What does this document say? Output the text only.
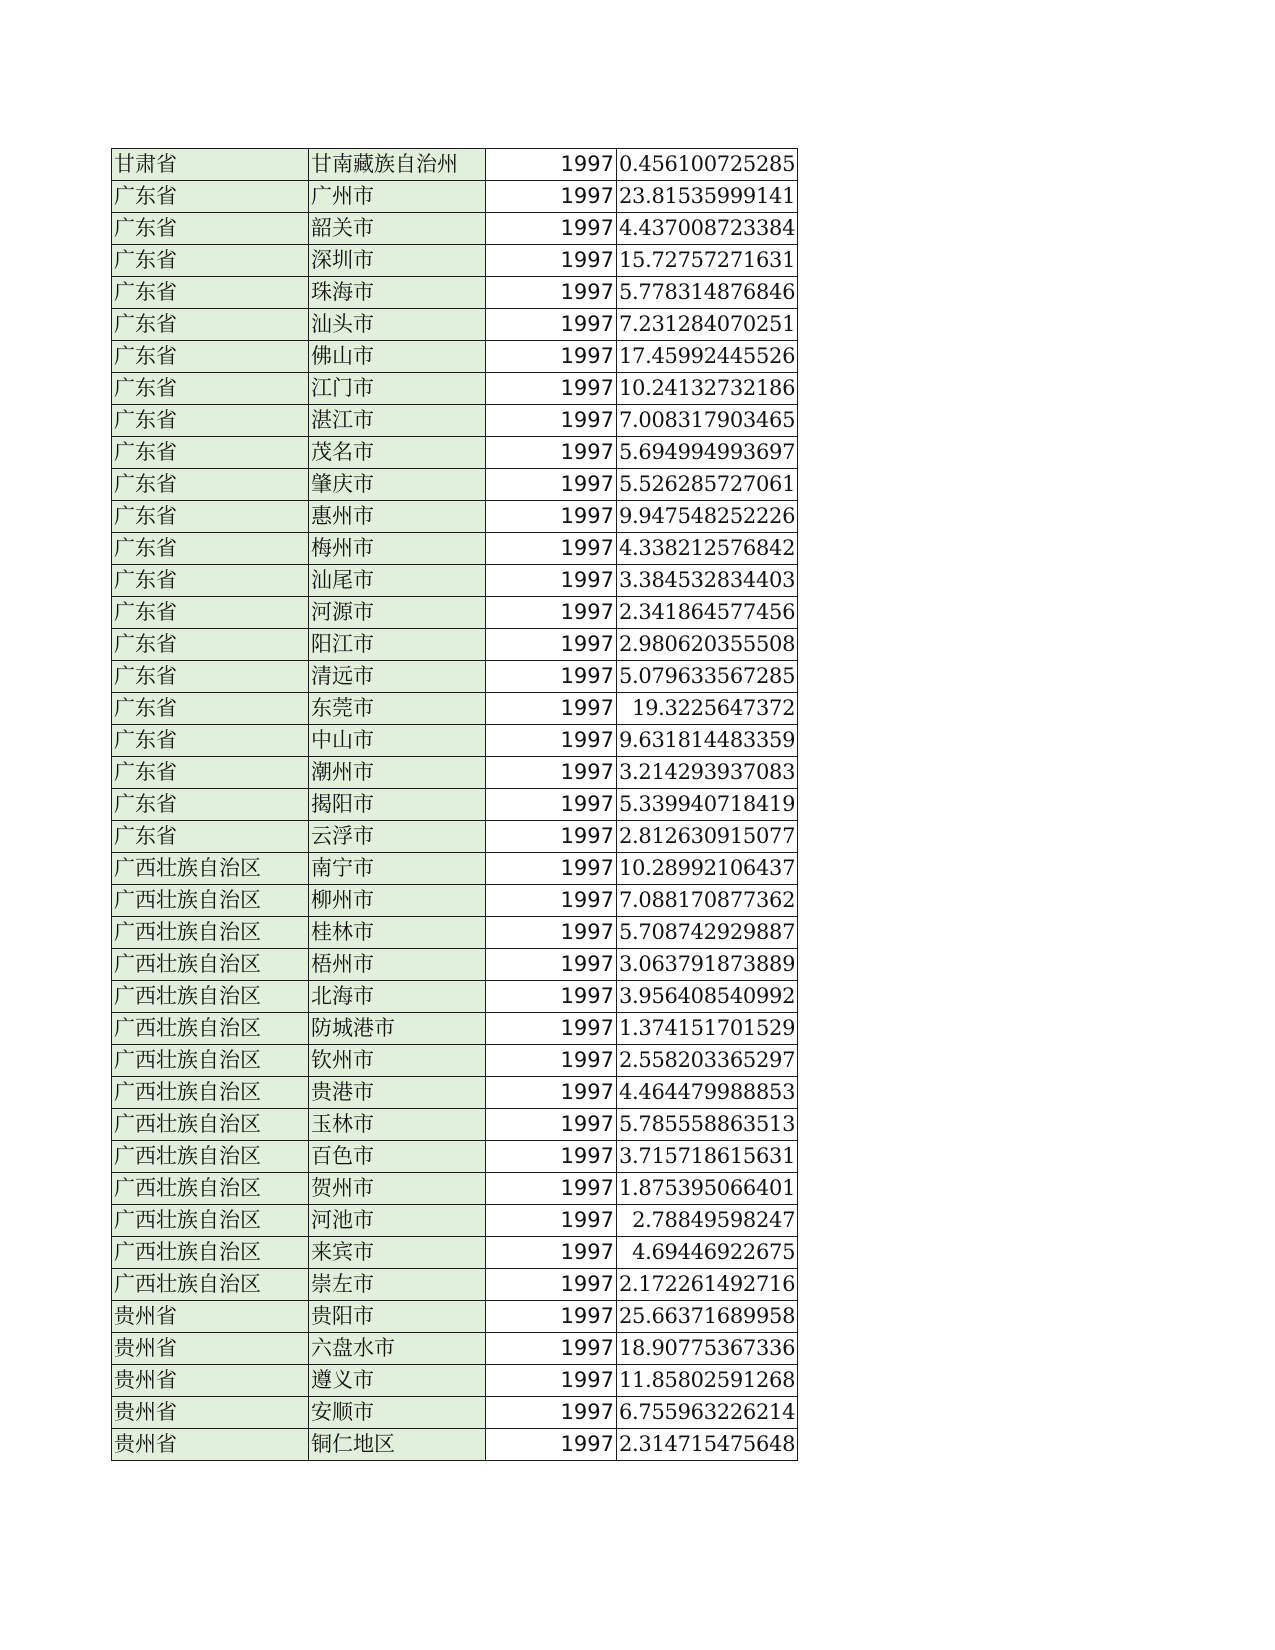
甘肃省	甘南藏族自治州	1997	0.456100725285
广东省	广州市	1997	23.81535999141
广东省	韶关市	1997	4.437008723384
广东省	深圳市	1997	15.72757271631
广东省	珠海市	1997	5.778314876846
广东省	汕头市	1997	7.231284070251
广东省	佛山市	1997	17.45992445526
广东省	江门市	1997	10.24132732186
广东省	湛江市	1997	7.008317903465
广东省	茂名市	1997	5.694994993697
广东省	肇庆市	1997	5.526285727061
广东省	惠州市	1997	9.947548252226
广东省	梅州市	1997	4.338212576842
广东省	汕尾市	1997	3.384532834403
广东省	河源市	1997	2.341864577456
广东省	阳江市	1997	2.980620355508
广东省	清远市	1997	5.079633567285
广东省	东莞市	1997	19.3225647372
广东省	中山市	1997	9.631814483359
广东省	潮州市	1997	3.214293937083
广东省	揭阳市	1997	5.339940718419
广东省	云浮市	1997	2.812630915077
广西壮族自治区	南宁市	1997	10.28992106437
广西壮族自治区	柳州市	1997	7.088170877362
广西壮族自治区	桂林市	1997	5.708742929887
广西壮族自治区	梧州市	1997	3.063791873889
广西壮族自治区	北海市	1997	3.956408540992
广西壮族自治区	防城港市	1997	1.374151701529
广西壮族自治区	钦州市	1997	2.558203365297
广西壮族自治区	贵港市	1997	4.464479988853
广西壮族自治区	玉林市	1997	5.785558863513
广西壮族自治区	百色市	1997	3.715718615631
广西壮族自治区	贺州市	1997	1.875395066401
广西壮族自治区	河池市	1997	2.78849598247
广西壮族自治区	来宾市	1997	4.69446922675
广西壮族自治区	崇左市	1997	2.172261492716
贵州省	贵阳市	1997	25.66371689958
贵州省	六盘水市	1997	18.90775367336
贵州省	遵义市	1997	11.85802591268
贵州省	安顺市	1997	6.755963226214
贵州省	铜仁地区	1997	2.314715475648
